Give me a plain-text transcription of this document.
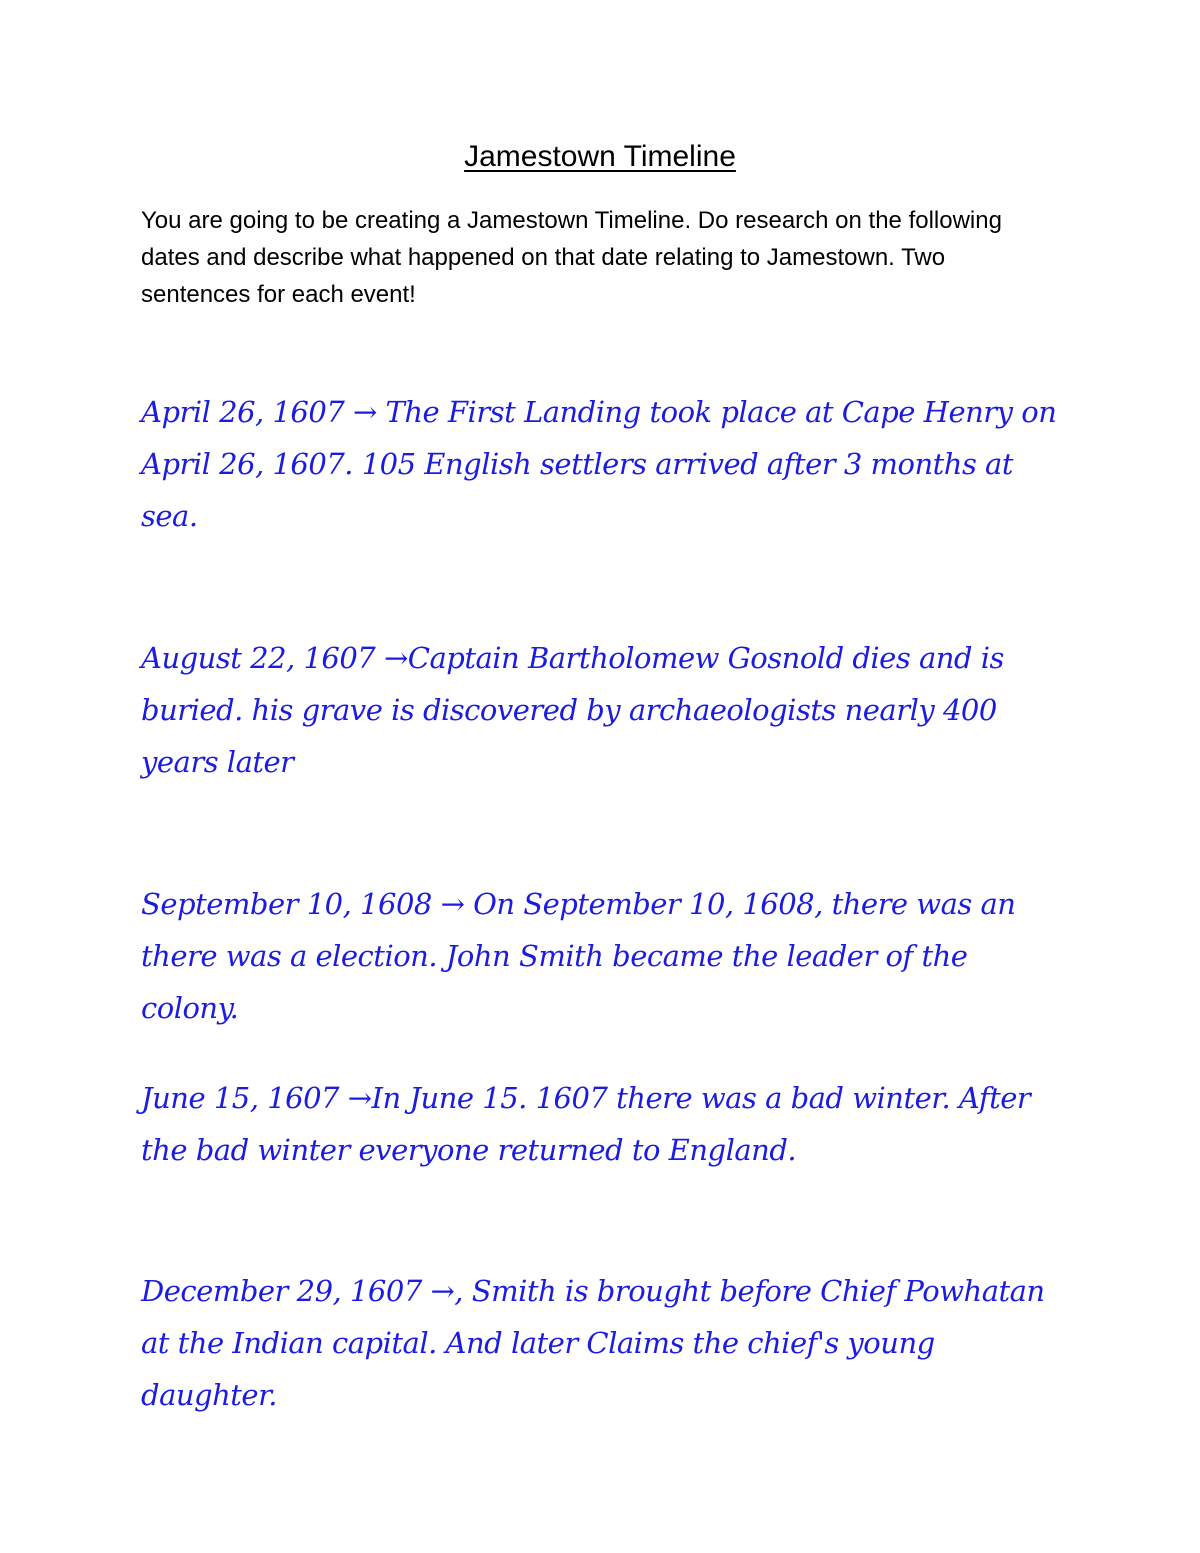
Jamestown Timeline

You are going to be creating a Jamestown Timeline. Do research on the following dates and describe what happened on that date relating to Jamestown. Two sentences for each event!

April 26, 1607 → The First Landing took place at Cape Henry on April 26, 1607. 105 English settlers arrived after 3 months at sea.

August 22, 1607 →Captain Bartholomew Gosnold dies and is buried. his grave is discovered by archaeologists nearly 400 years later

September 10, 1608 → On September 10, 1608, there was an there was a election. John Smith became the leader of the colony.

June 15, 1607 →In June 15. 1607 there was a bad winter. After the bad winter everyone returned to England.

December 29, 1607 →, Smith is brought before Chief Powhatan at the Indian capital. And later Claims the chief's young daughter.
